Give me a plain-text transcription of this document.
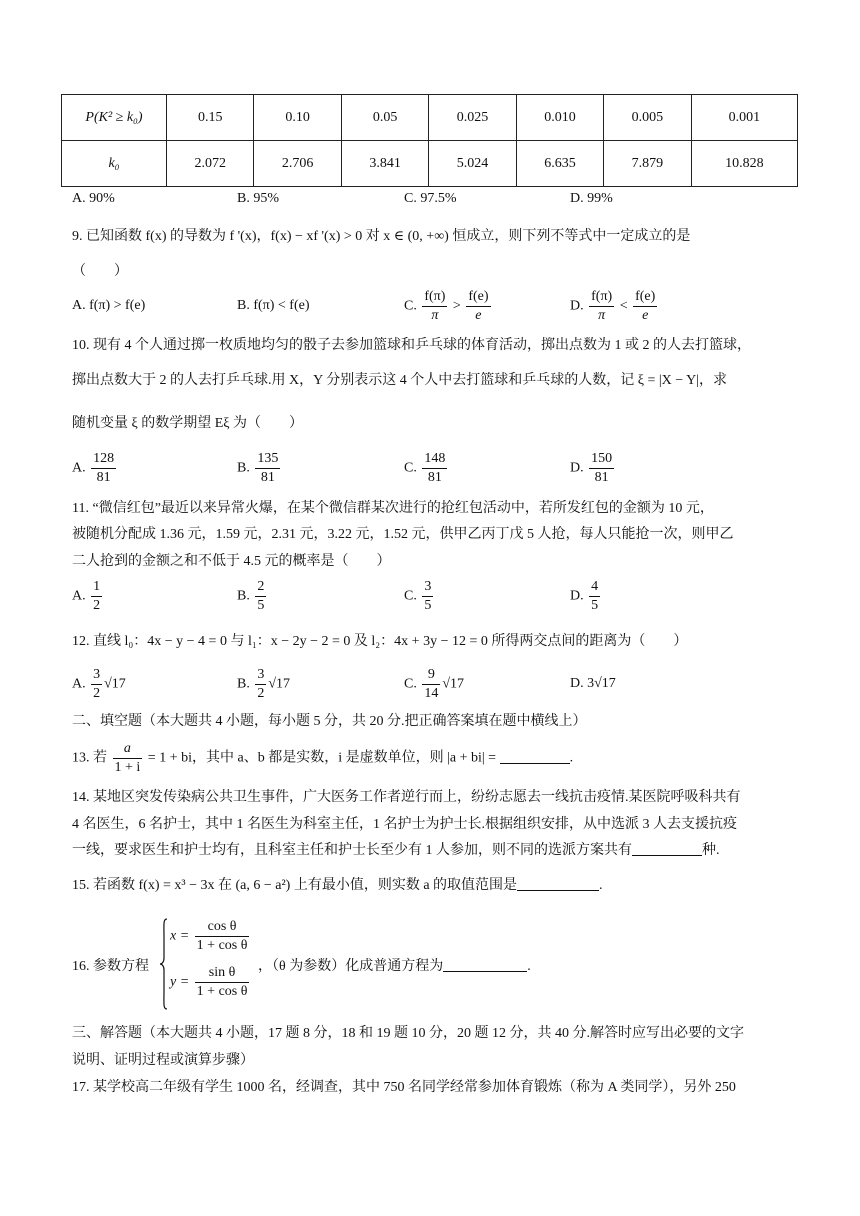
P(K² ≥ k₀)	0.15	0.10	0.05	0.025	0.010	0.005	0.001
k₀	2.072	2.706	3.841	5.024	6.635	7.879	10.828
A. 90%	B. 95%	C. 97.5%	D. 99%
9. 已知函数 f(x) 的导数为 f '(x)，f(x) − xf '(x) > 0 对 x ∈ (0, +∞) 恒成立，则下列不等式中一定成立的是
（　　）
A. f(π) > f(e)	B. f(π) < f(e)	C. $\frac{f(\pi)}{\pi} > \frac{f(e)}{e}$	D. $\frac{f(\pi)}{\pi} < \frac{f(e)}{e}$
10. 现有 4 个人通过掷一枚质地均匀的骰子去参加篮球和乒乓球的体育活动，掷出点数为 1 或 2 的人去打篮球，
掷出点数大于 2 的人去打乒乓球.用 X，Y 分别表示这 4 个人中去打篮球和乒乓球的人数，记 ξ = |X − Y|，求
随机变量 ξ 的数学期望 Eξ 为（　　）
A. $\frac{128}{81}$	B. $\frac{135}{81}$	C. $\frac{148}{81}$	D. $\frac{150}{81}$
11. “微信红包”最近以来异常火爆，在某个微信群某次进行的抢红包活动中，若所发红包的金额为 10 元，
被随机分配成 1.36 元，1.59 元，2.31 元，3.22 元，1.52 元，供甲乙丙丁戊 5 人抢，每人只能抢一次，则甲乙
二人抢到的金额之和不低于 4.5 元的概率是（　　）
A. $\frac{1}{2}$	B. $\frac{2}{5}$	C. $\frac{3}{5}$	D. $\frac{4}{5}$
12. 直线 l₀：4x − y − 4 = 0 与 l₁：x − 2y − 2 = 0 及 l₂：4x + 3y − 12 = 0 所得两交点间的距离为（　　）
A. $\frac{3}{2} √17$	B. $\frac{3}{2} √17$	C. $\frac{9}{14} √17$	D. 3√17
二、填空题（本大题共 4 小题，每小题 5 分，共 20 分.把正确答案填在题中横线上）
13. 若 $\frac{a}{1 + i} = 1$ + bi，其中 a、b 都是实数，i 是虚数单位，则 |a + bi| =	.
14. 某地区突发传染病公共卫生事件，广大医务工作者逆行而上，纷纷志愿去一线抗击疫情.某医院呼吸科共有
4 名医生，6 名护士，其中 1 名医生为科室主任，1 名护士为护士长.根据组织安排，从中选派 3 人去支援抗疫
一线，要求医生和护士均有，且科室主任和护士长至少有 1 人参加，则不同的选派方案共有	种.
15. 若函数 f(x) = x³ − 3x 在 (a, 6 − a²) 上有最小值，则实数 a 的取值范围是	.
16. 参数方程
$x = \frac{\text{cos θ}}{\text{1 + cos θ}}$
$y = \frac{\text{sin θ}}{\text{1 + cos θ}}$ ，（θ 为参数）化成普通方程为	.
三、解答题（本大题共 4 小题，17 题 8 分，18 和 19 题 10 分，20 题 12 分，共 40 分.解答时应写出必要的文字
说明、证明过程或演算步骤）
17. 某学校高二年级有学生 1000 名，经调查，其中 750 名同学经常参加体育锻炼（称为 A 类同学），另外 250
